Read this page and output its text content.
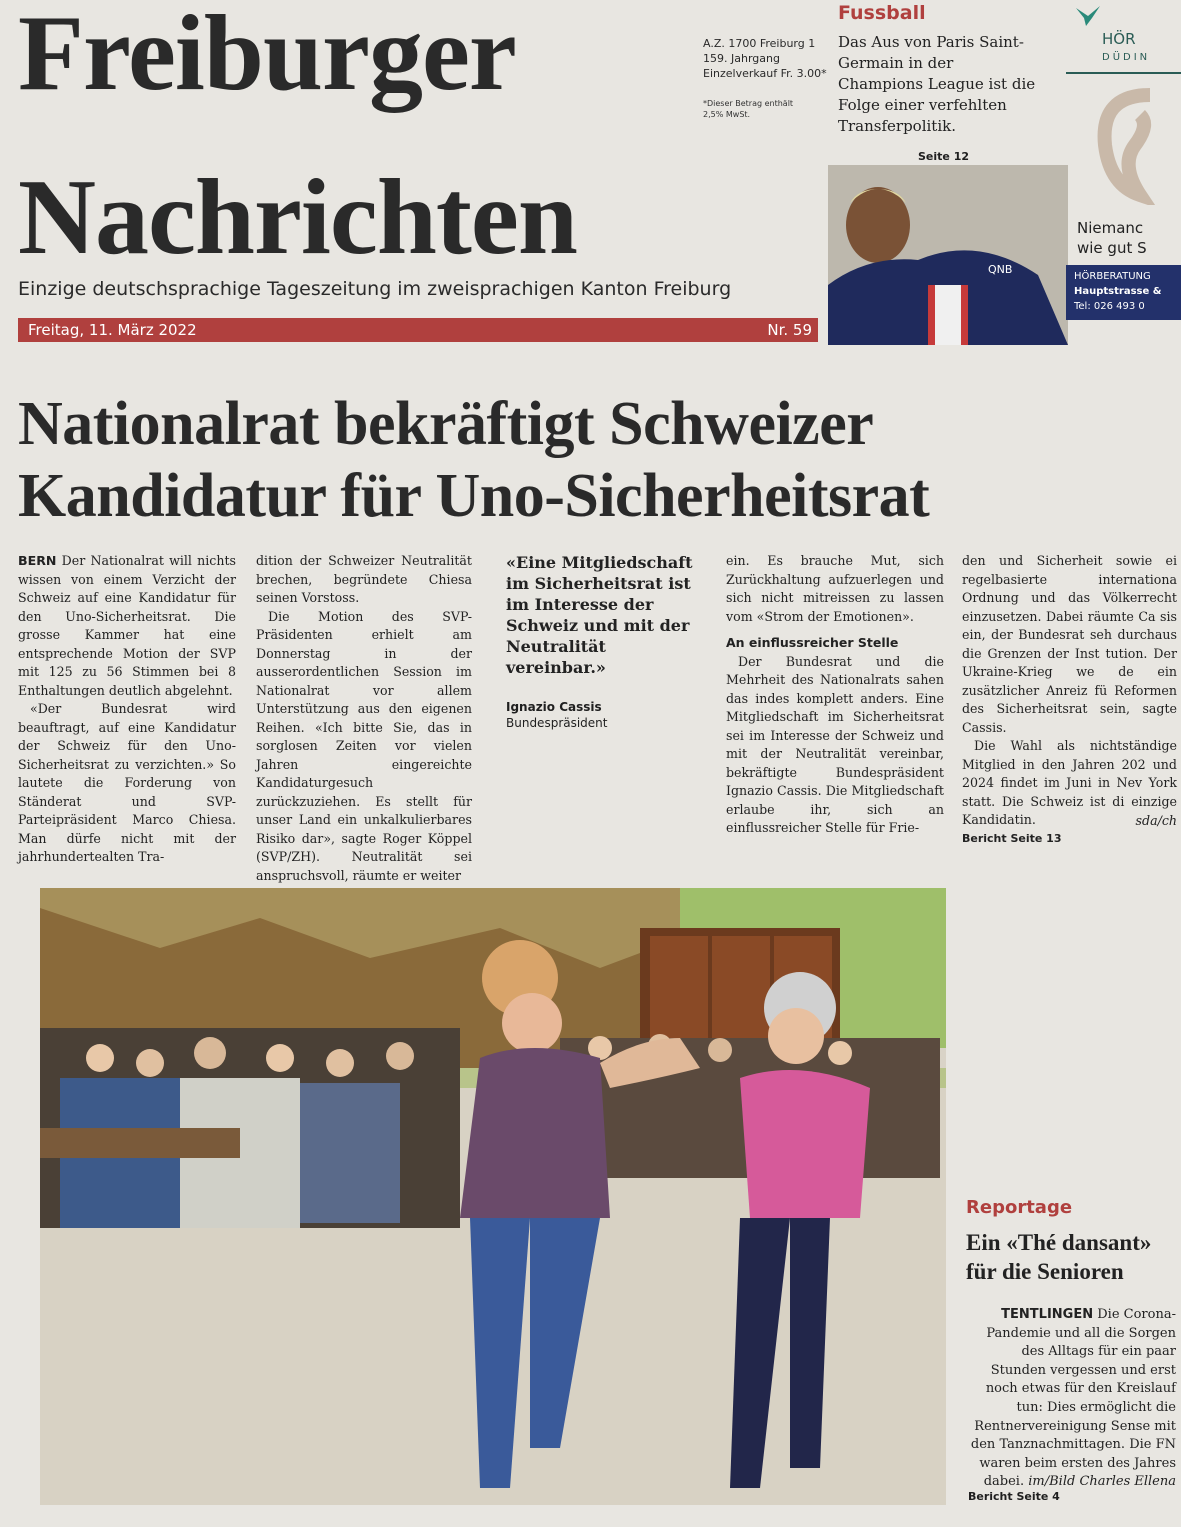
Freiburger
Nachrichten
Einzige deutschsprachige Tageszeitung im zweisprachigen Kanton Freiburg
A.Z. 1700 Freiburg 1
159. Jahrgang
Einzelverkauf Fr. 3.00*
*Dieser Betrag enthält
2,5% MwSt.
Freitag, 11. März 2022	Nr. 59
Fussball
Das Aus von Paris Saint-Germain in der Champions League ist die Folge einer verfehlten Transferpolitik.
Seite 12
QNB
HÖR
DÜDIN
Niemanc
wie gut S
HÖRBERATUNG
Hauptstrasse &
Tel: 026 493 0
Nationalrat bekräftigt Schweizer
Kandidatur für Uno-Sicherheitsrat
BERN Der Nationalrat will nichts wissen von einem Verzicht der Schweiz auf eine Kandidatur für den Uno-Sicherheitsrat. Die grosse Kammer hat eine entsprechende Motion der SVP mit 125 zu 56 Stimmen bei 8 Enthaltungen deutlich abgelehnt.
«Der Bundesrat wird beauftragt, auf eine Kandidatur der Schweiz für den Uno-Sicherheitsrat zu verzichten.» So lautete die Forderung von Ständerat und SVP-Parteipräsident Marco Chiesa. Man dürfe nicht mit der jahrhundertealten Tra-
dition der Schweizer Neutralität brechen, begründete Chiesa seinen Vorstoss.
Die Motion des SVP-Präsidenten erhielt am Donnerstag in der ausserordentlichen Session im Nationalrat vor allem Unterstützung aus den eigenen Reihen. «Ich bitte Sie, das in sorglosen Zeiten vor vielen Jahren eingereichte Kandidaturgesuch zurückzuziehen. Es stellt für unser Land ein unkalkulierbares Risiko dar», sagte Roger Köppel (SVP/ZH). Neutralität sei anspruchsvoll, räumte er weiter
«Eine Mitgliedschaft im Sicherheitsrat ist im Interesse der Schweiz und mit der Neutralität vereinbar.»
Ignazio Cassis
Bundespräsident
ein. Es brauche Mut, sich Zurückhaltung aufzuerlegen und sich nicht mitreissen zu lassen vom «Strom der Emotionen».
An einflussreicher Stelle
Der Bundesrat und die Mehrheit des Nationalrats sahen das indes komplett anders. Eine Mitgliedschaft im Sicherheitsrat sei im Interesse der Schweiz und mit der Neutralität vereinbar, bekräftigte Bundespräsident Ignazio Cassis. Die Mitgliedschaft erlaube ihr, sich an einflussreicher Stelle für Frie-
den und Sicherheit sowie ei regelbasierte internationa Ordnung und das Völkerrecht einzusetzen. Dabei räumte Ca sis ein, der Bundesrat seh durchaus die Grenzen der Inst tution. Der Ukraine-Krieg we de ein zusätzlicher Anreiz fü Reformen des Sicherheitsrat sein, sagte Cassis.
Die Wahl als nichtständige Mitglied in den Jahren 202 und 2024 findet im Juni in Nev York statt. Die Schweiz ist di einzige Kandidatin.	sda/ch
Bericht Seite 13
Reportage
Ein «Thé dansant»
für die Senioren
TENTLINGEN Die Corona-Pandemie und all die Sorgen des Alltags für ein paar Stunden vergessen und erst noch etwas für den Kreislauf tun: Dies ermöglicht die Rentnervereinigung Sense mit den Tanznachmittagen. Die FN waren beim ersten des Jahres dabei. im/Bild Charles Ellena
Bericht Seite 4
